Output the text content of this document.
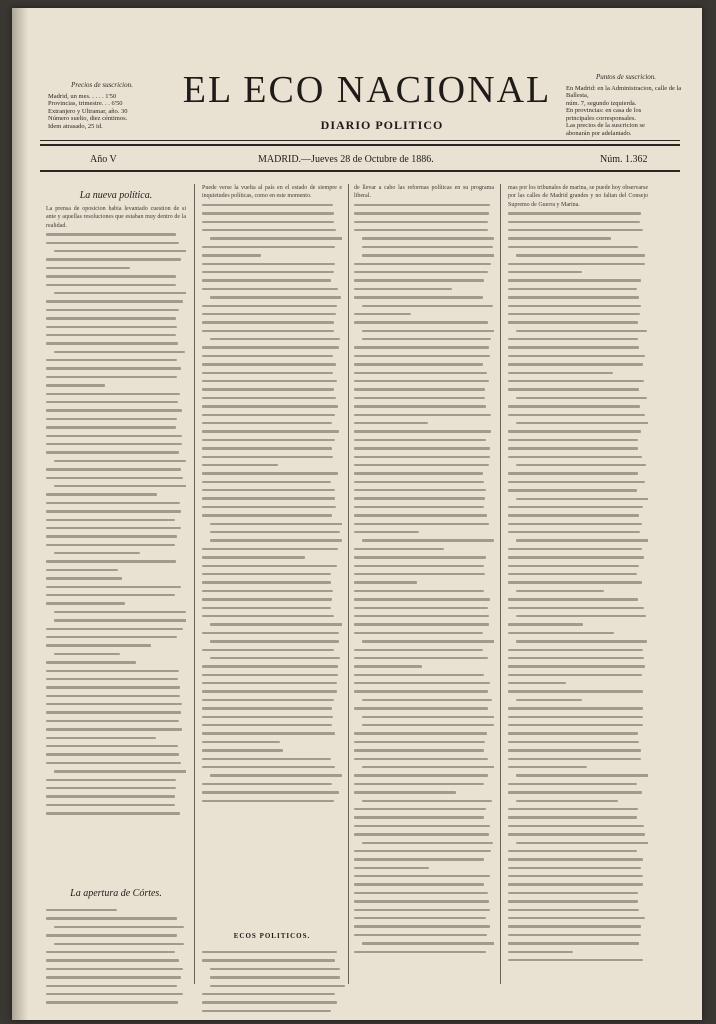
Precios de suscricion.
Madrid, un mes. . . . . 1'50
Provincias, trimestre. . . 6'50
Extranjero y Ultramar, año. 30
Número suelto, diez céntimos.
Idem atrasado, 25 id.
EL ECO NACIONAL
DIARIO POLITICO
Puntos de suscricion.
En Madrid: en la Administracion, calle de la Ballesta,
núm. 7, segundo izquierda.
En provincias: en casa de los
principales corresponsales.
Las precios de la suscricion se
abonarán por adelantado.
Año V	MADRID.—Jueves 28 de Octubre de 1886.	Núm. 1.362
La nueva política.
La prensa de oposicion habia levantado cuestion de si ante y aquellas resoluciones que estaban muy dentro de la realidad.
Puede verse la vuelta al país en el estado de siempre e inquietudes políticas, como en este momento.
de llevar a cabo las reformas políticas en su programa liberal.
mas por los tribunales de marina, se puede hoy observarse por las calles de Madrid grandes y no faltan del Consejo Supremo de Guerra y Marina.
La apertura de Córtes.
ECOS POLITICOS.
